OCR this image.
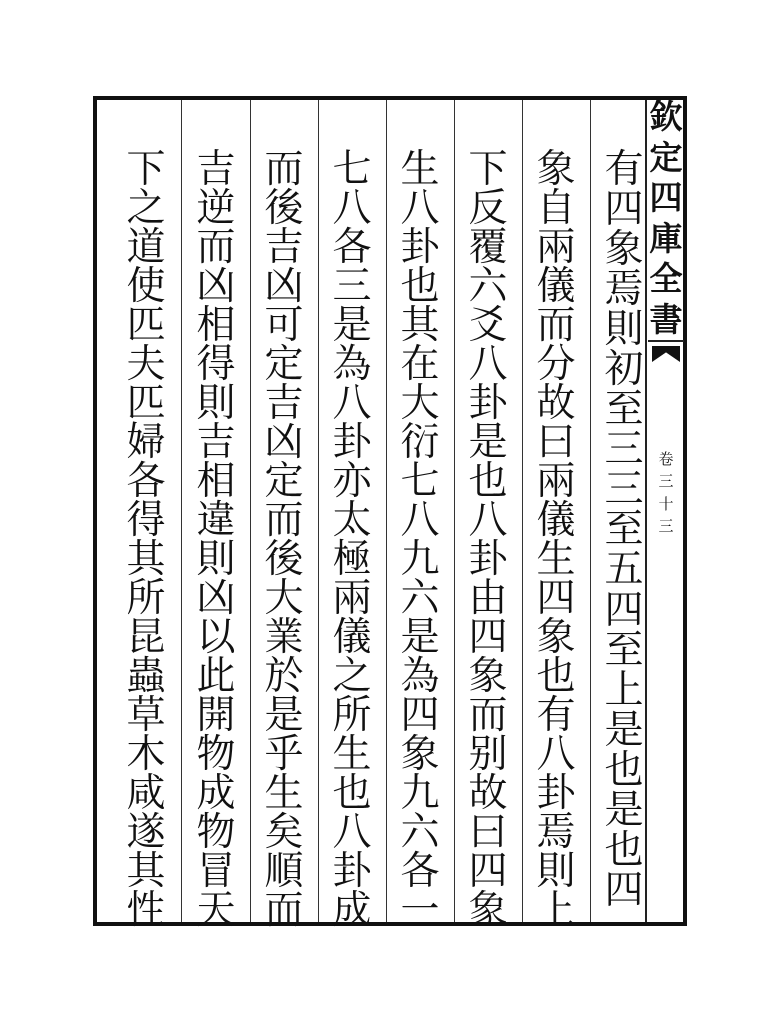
欽
定
四
庫
全
書
卷
三
十
三
有
四
象
焉
則
初
至
三
三
至
五
四
至
上
是
也
是
也
四
象
自
兩
儀
而
分
故
曰
兩
儀
生
四
象
也
有
八
卦
焉
則
上
下
反
覆
六
爻
八
卦
是
也
八
卦
由
四
象
而
别
故
曰
四
象
生
八
卦
也
其
在
大
衍
七
八
九
六
是
為
四
象
九
六
各
一
七
八
各
三
是
為
八
卦
亦
太
極
兩
儀
之
所
生
也
八
卦
成
而
後
吉
凶
可
定
吉
凶
定
而
後
大
業
於
是
乎
生
矣
順
而
吉
逆
而
凶
相
得
則
吉
相
違
則
凶
以
此
開
物
成
物
冒
天
下
之
道
使
匹
夫
匹
婦
各
得
其
所
昆
蟲
草
木
咸
遂
其
性
